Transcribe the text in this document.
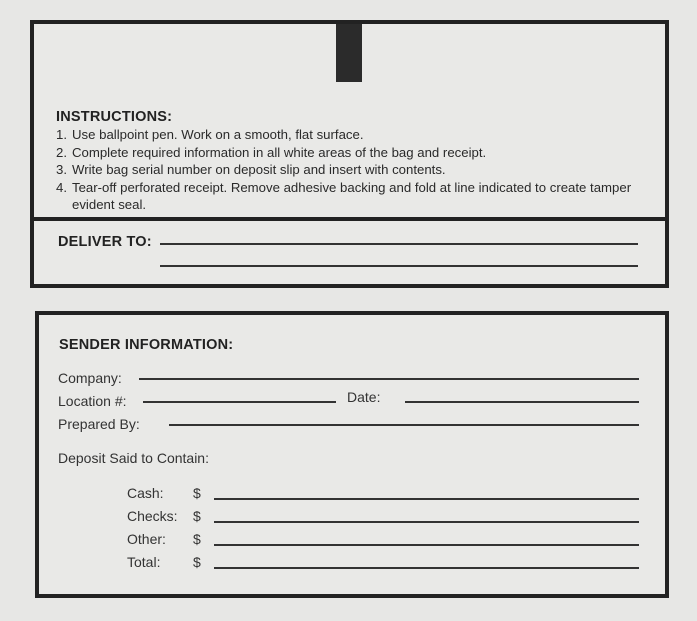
INSTRUCTIONS:
1. Use ballpoint pen. Work on a smooth, flat surface.
2. Complete required information in all white areas of the bag and receipt.
3. Write bag serial number on deposit slip and insert with contents.
4. Tear-off perforated receipt. Remove adhesive backing and fold at line indicated to create tamper evident seal.
DELIVER TO:
SENDER INFORMATION:
Company:
Location #:	Date:
Prepared By:
Deposit Said to Contain:
Cash: $
Checks: $
Other: $
Total: $
